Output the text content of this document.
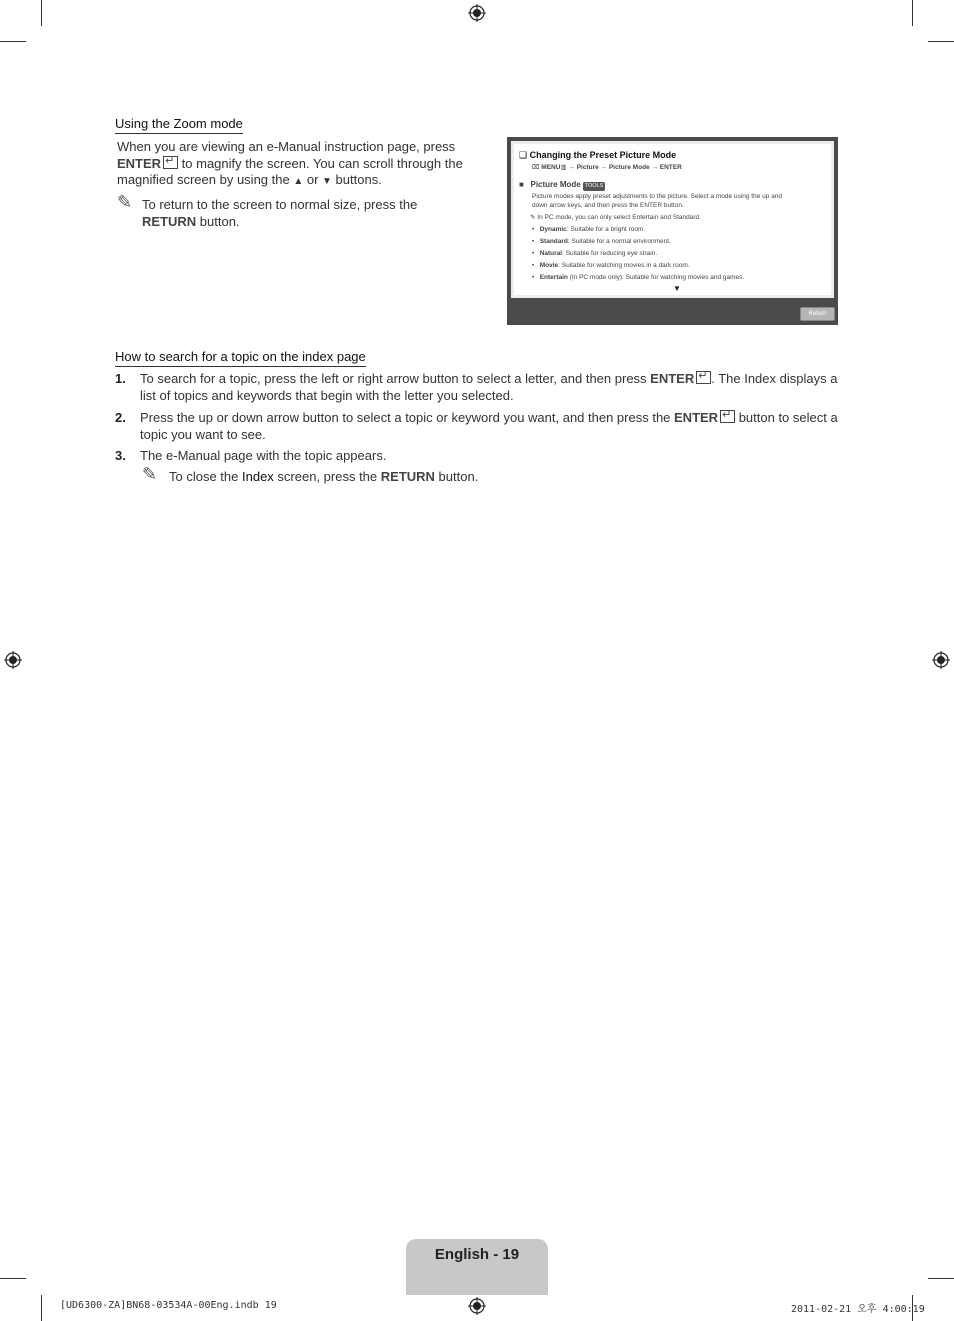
Using the Zoom mode
When you are viewing an e-Manual instruction page, press
ENTER↵ to magnify the screen. You can scroll through the magnified screen by using the ▲ or ▼ buttons.
✎ To return to the screen to normal size, press the
RETURN button.
❑ Changing the Preset Picture Mode
⌧ MENU▥ → Picture → Picture Mode → ENTER
■   Picture Mode TOOLS
Picture modes apply preset adjustments to the picture. Select a mode using the up and
down arrow keys, and then press the ENTER button.
✎ In PC mode, you can only select Entertain and Standard.
•   Dynamic: Suitable for a bright room.
•   Standard: Suitable for a normal environment.
•   Natural: Suitable for reducing eye strain.
•   Movie: Suitable for watching movies in a dark room.
•   Entertain (In PC mode only): Suitable for watching movies and games.
▼
Return
How to search for a topic on the index page
1. To search for a topic, press the left or right arrow button to select a letter, and then press ENTER↵ . The Index displays a list of topics and keywords that begin with the letter you selected.
2. Press the up or down arrow button to select a topic or keyword you want, and then press the ENTER↵ button to select a topic you want to see.
3. The e-Manual page with the topic appears.
✎ To close the Index screen, press the RETURN button.
English - 19
[UD6300-ZA]BN68-03534A-00Eng.indb 19	2011-02-21 오후 4:00:19
